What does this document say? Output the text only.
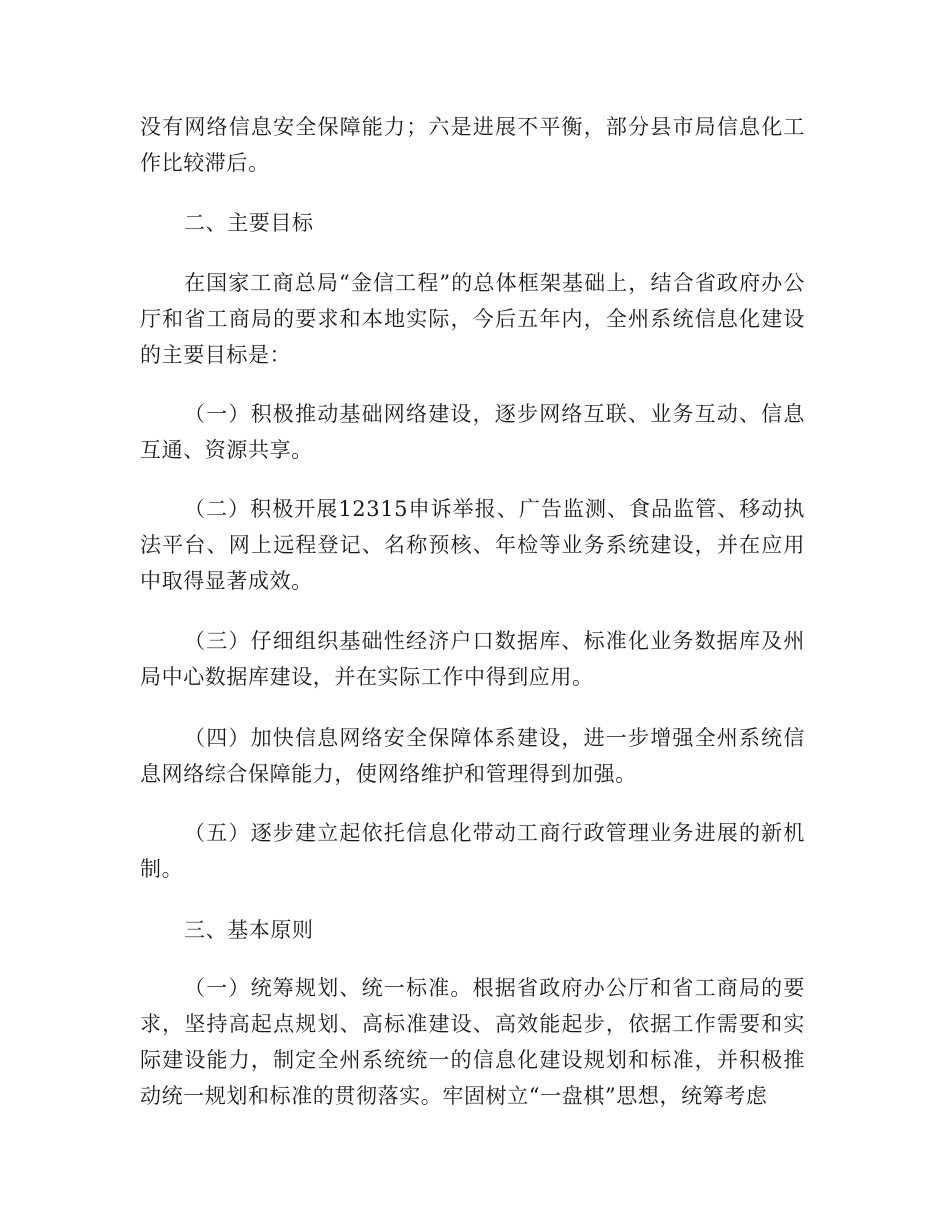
没有网络信息安全保障能力；六是进展不平衡，部分县市局信息化工作比较滞后。

二、主要目标

在国家工商总局“金信工程”的总体框架基础上，结合省政府办公厅和省工商局的要求和本地实际，今后五年内，全州系统信息化建设的主要目标是：

（一）积极推动基础网络建设，逐步网络互联、业务互动、信息互通、资源共享。

（二）积极开展12315申诉举报、广告监测、食品监管、移动执法平台、网上远程登记、名称预核、年检等业务系统建设，并在应用中取得显著成效。

（三）仔细组织基础性经济户口数据库、标准化业务数据库及州局中心数据库建设，并在实际工作中得到应用。

（四）加快信息网络安全保障体系建设，进一步增强全州系统信息网络综合保障能力，使网络维护和管理得到加强。

（五）逐步建立起依托信息化带动工商行政管理业务进展的新机制。

三、基本原则

（一）统筹规划、统一标准。根据省政府办公厅和省工商局的要求，坚持高起点规划、高标准建设、高效能起步，依据工作需要和实际建设能力，制定全州系统统一的信息化建设规划和标准，并积极推动统一规划和标准的贯彻落实。牢固树立“一盘棋”思想，统筹考虑
